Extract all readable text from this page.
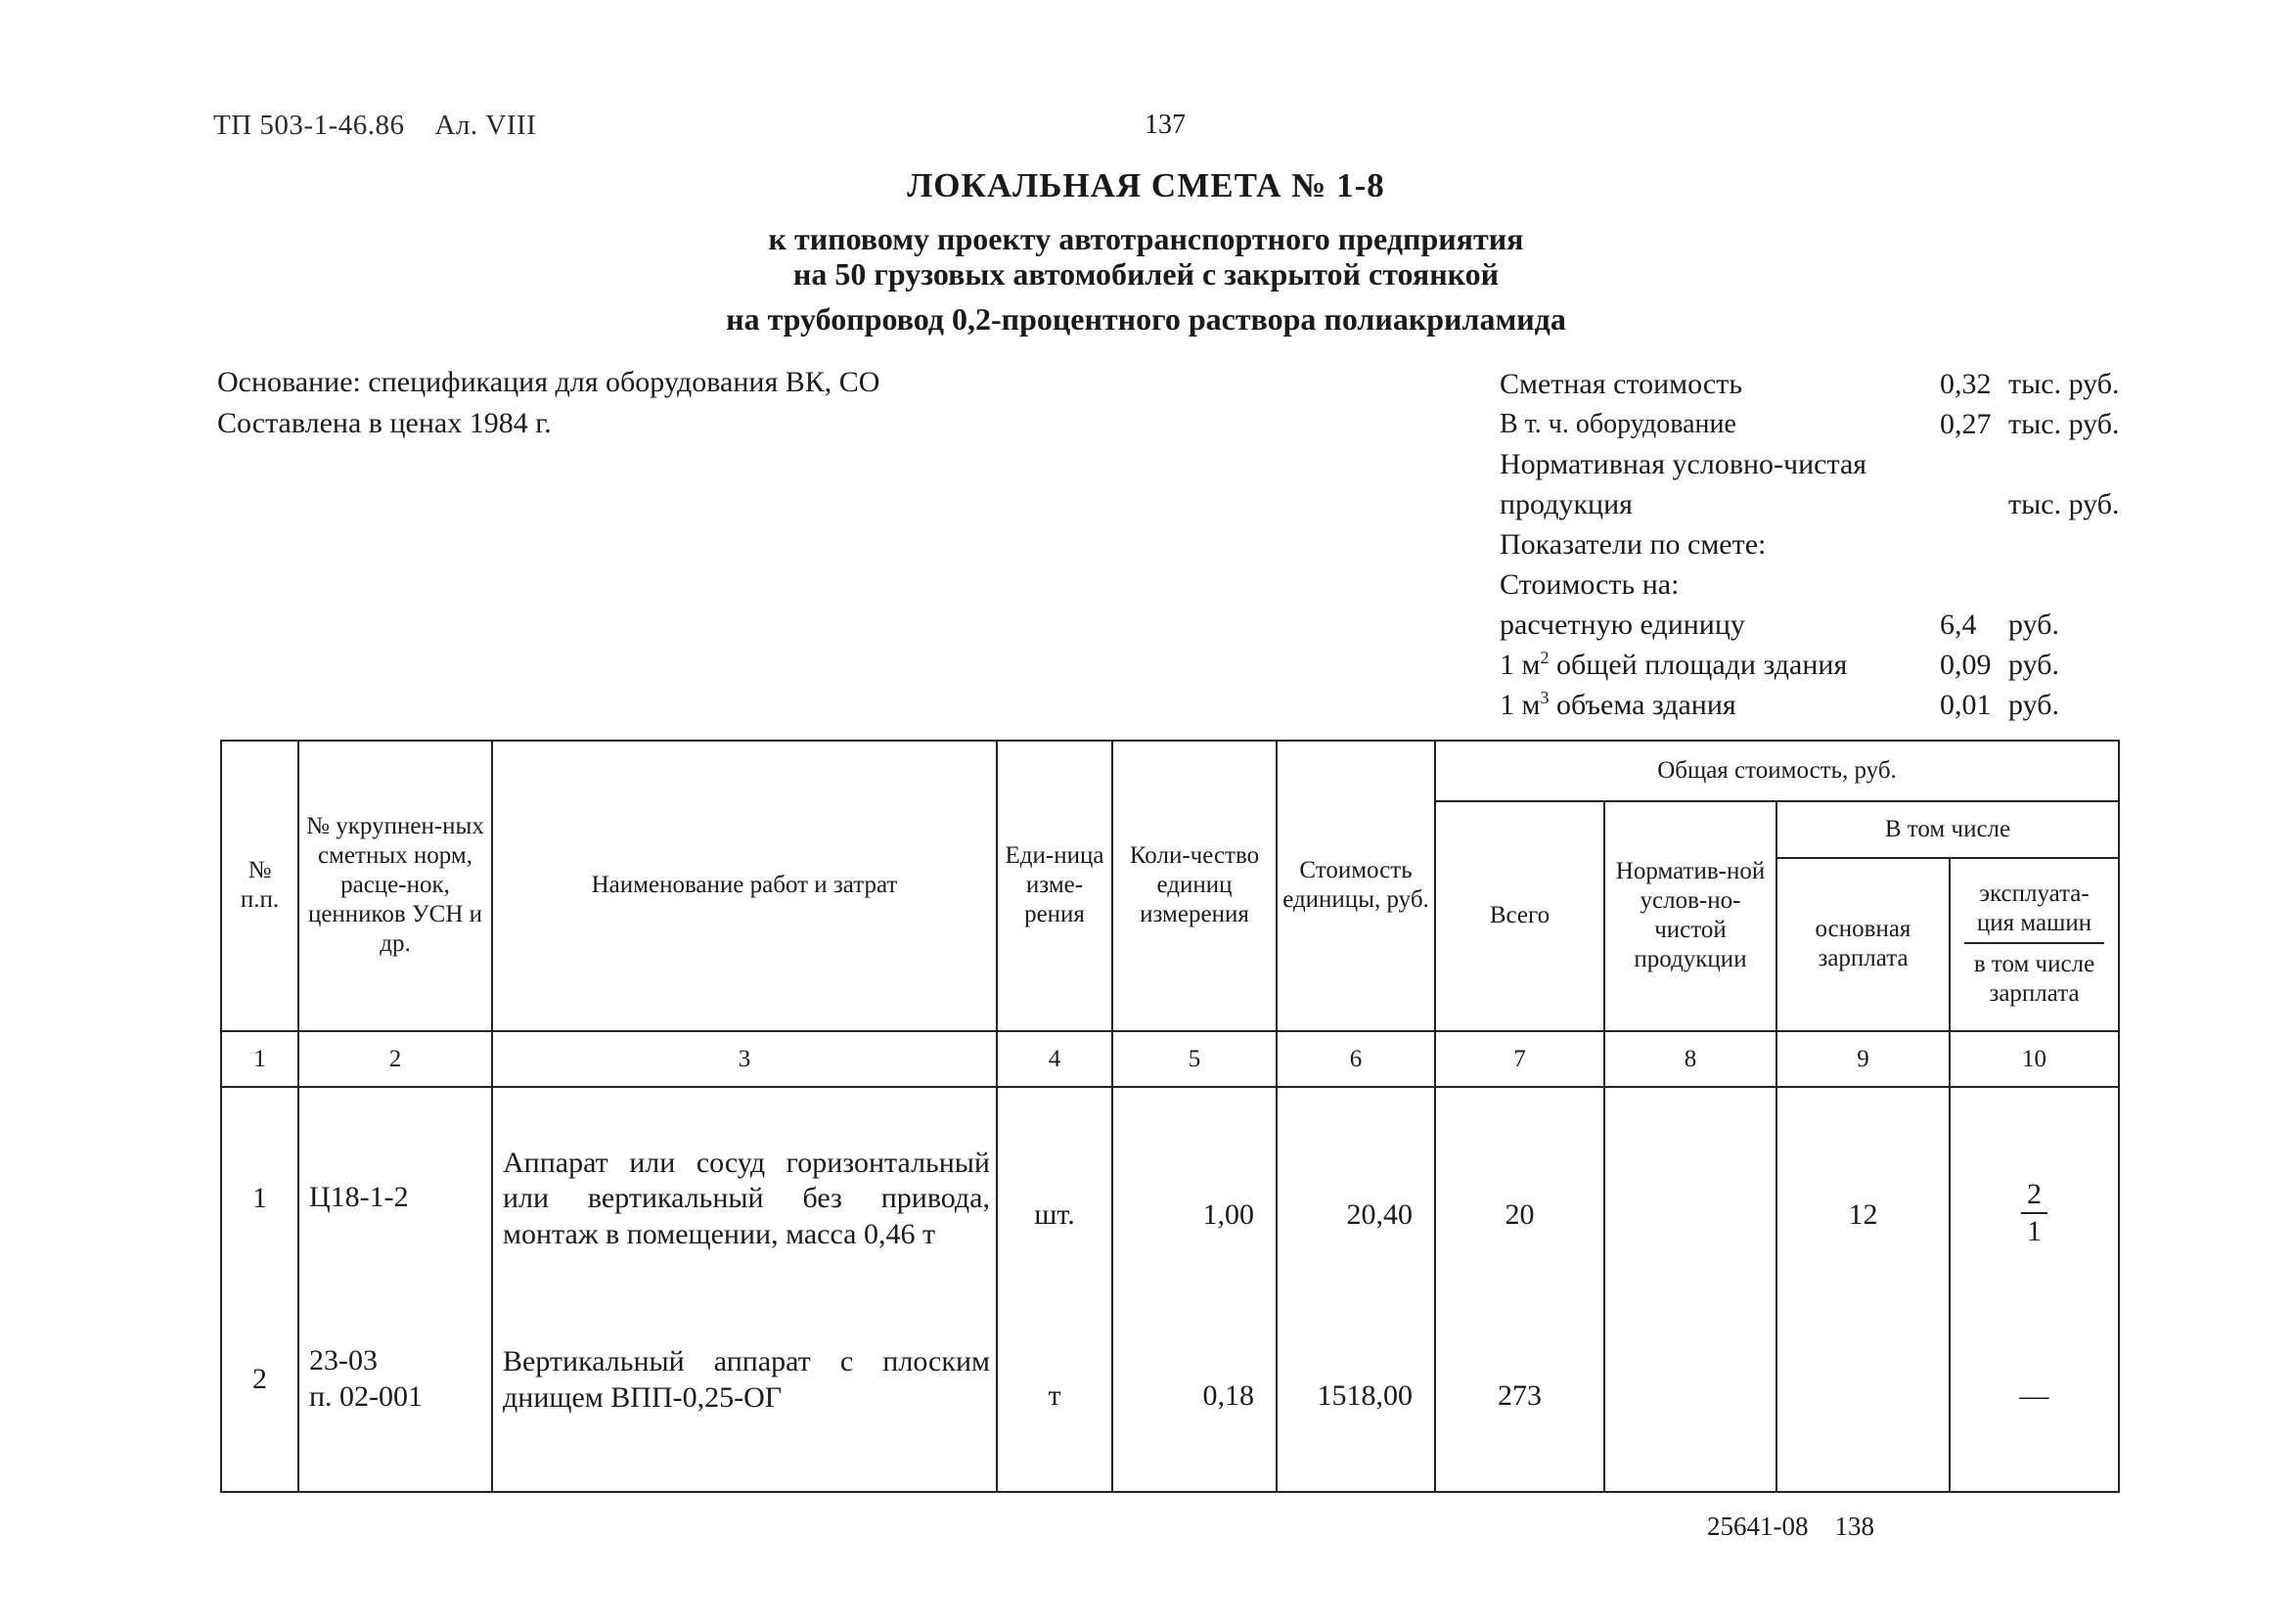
ТП 503-1-46.86    Ал. VIII	137
ЛОКАЛЬНАЯ СМЕТА № 1-8
к типовому проекту автотранспортного предприятия
на 50 грузовых автомобилей с закрытой стоянкой
на трубопровод 0,2-процентного раствора полиакриламида
Основание: спецификация для оборудования ВК, СО
Составлена в ценах 1984 г.
Сметная стоимость	0,32 тыс. руб.
В т. ч. оборудование	0,27 тыс. руб.
Нормативная условно-чистая продукция	тыс. руб.
Показатели по смете:
Стоимость на:
расчетную единицу	6,4 руб.
1 $м^2$ общей площади здания	0,09 руб.
1 $м^3$ объема здания	0,01 руб.
№ п.п.	№ укрупнен-ных сметных норм, расце-нок, ценников УСН и др.	Наименование работ и затрат	Еди-ница изме-рения	Коли-чество единиц измерения	Стоимость единицы, руб.	Общая стоимость, руб.			
						Всего	Норматив-ной услов-но-чистой продукции	В том числе	
								основная зарплата	эксплуата-ция машин
в том числе зарплата
1	2	3	4	5	6	7	8	9	10
1	Ц18-1-2	Аппарат или сосуд горизонтальный или вертикальный без привода, монтаж в помещении, масса 0,46 т	шт.	1,00	20,40	20		12	$\frac{2}{1}$

2	23-03
п. 02-001	Вертикальный аппарат с плоским днищем ВПП-0,25-ОГ	т	0,18	1518,00	273			—
25641-08    138
